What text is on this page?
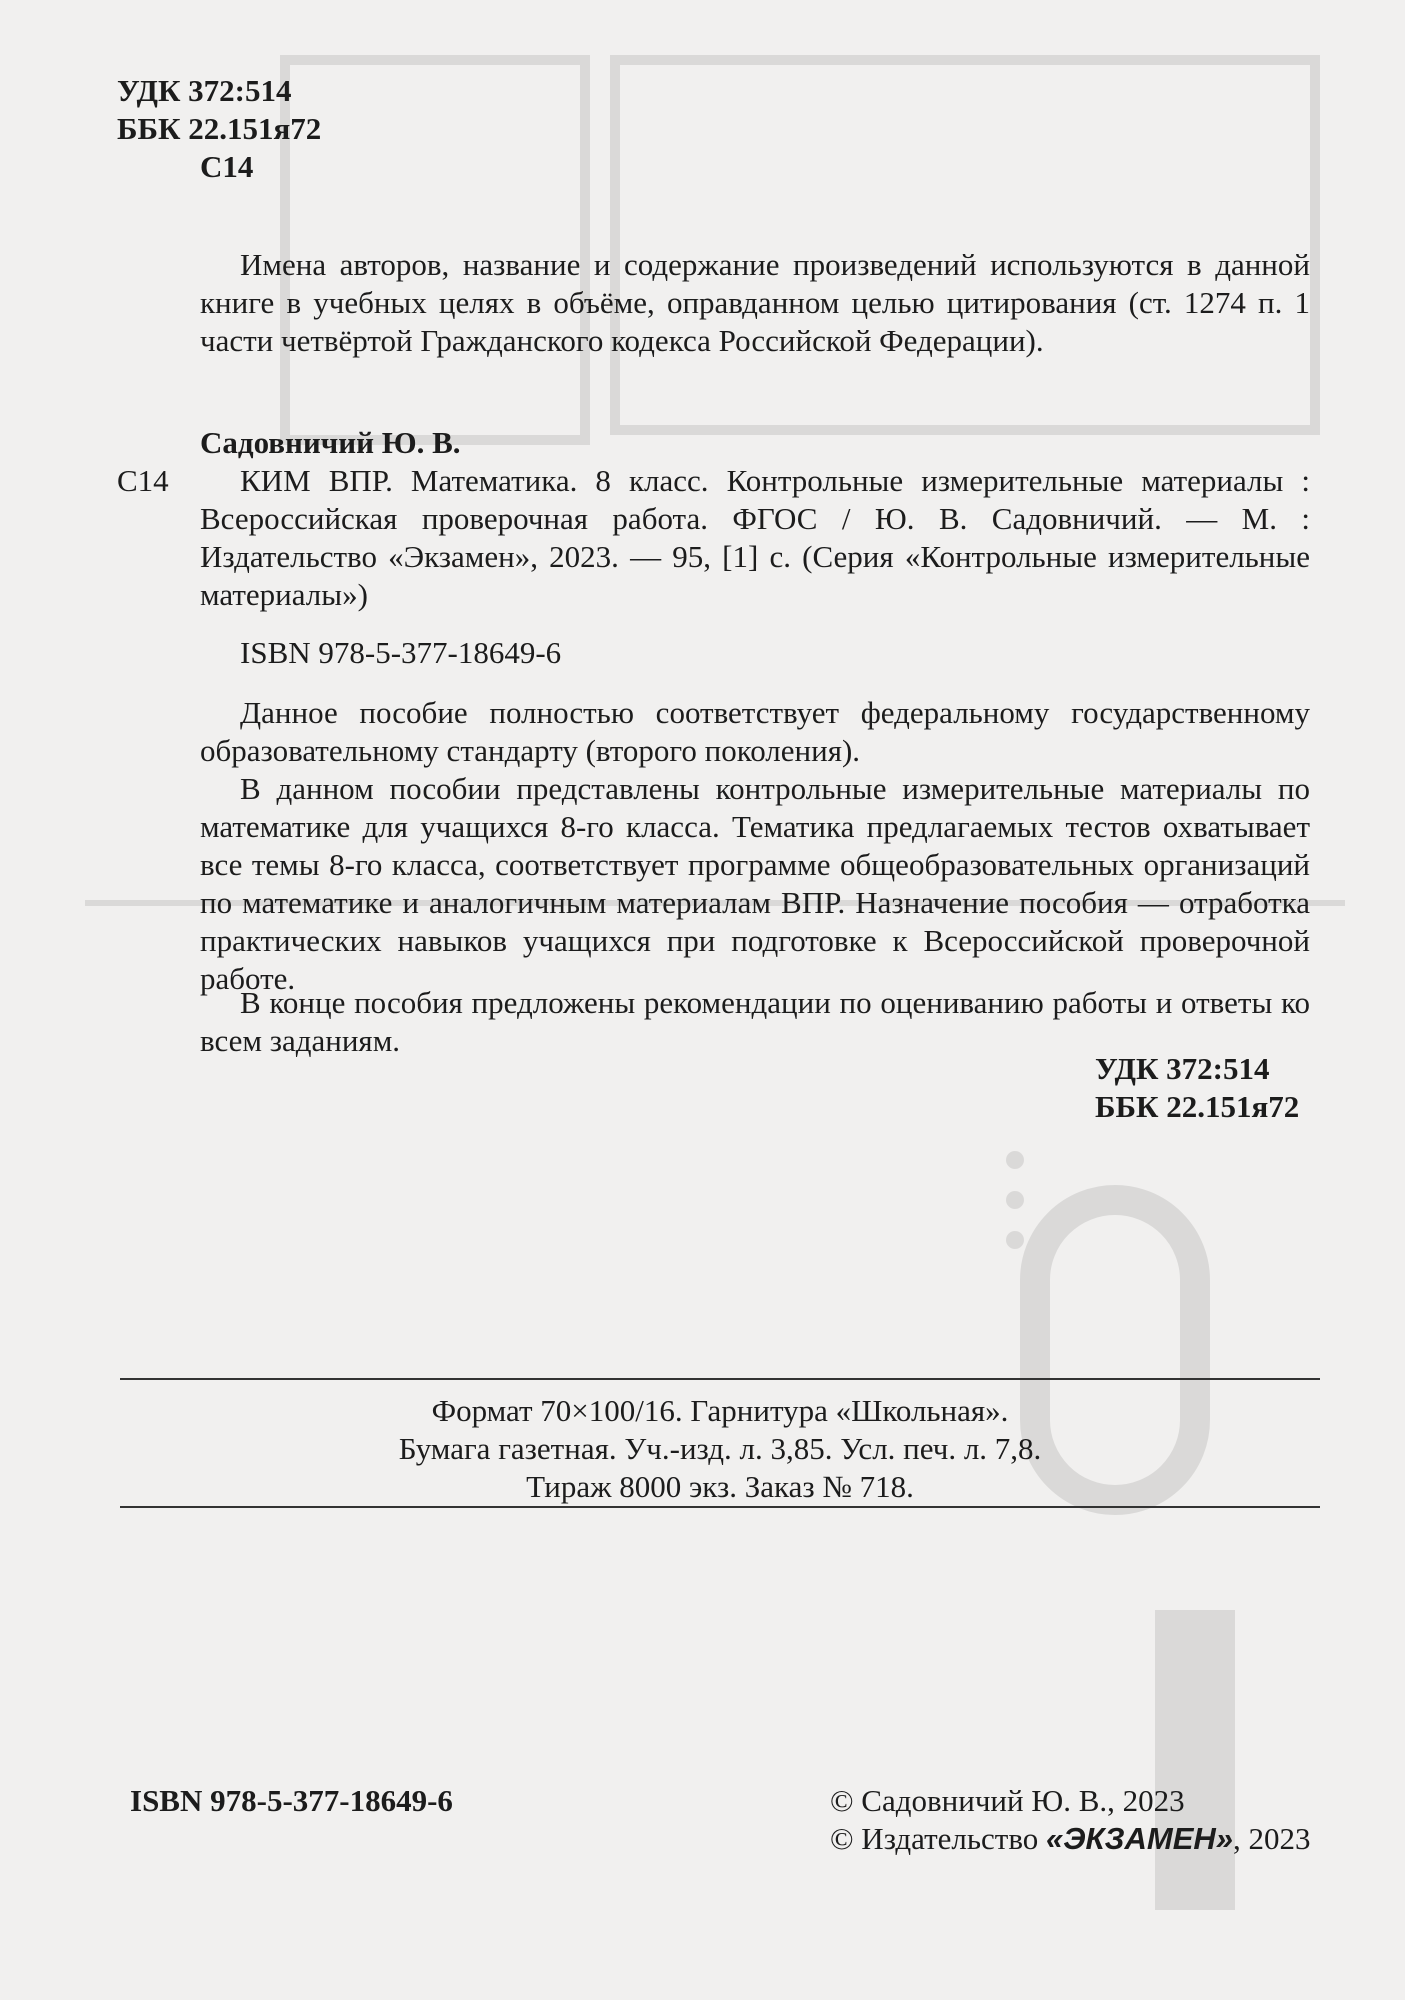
УДК 372:514
ББК 22.151я72
С14
Имена авторов, название и содержание произведений используются в данной книге в учебных целях в объёме, оправданном целью цитирования (ст. 1274 п. 1 части четвёртой Гражданского кодекса Российской Федерации).
Садовничий Ю. В.
С14	КИМ ВПР. Математика. 8 класс. Контрольные измерительные материалы : Всероссийская проверочная работа. ФГОС / Ю. В. Садовничий. — М. : Издательство «Экзамен», 2023. — 95, [1] с. (Серия «Контрольные измерительные материалы»)
ISBN 978-5-377-18649-6
Данное пособие полностью соответствует федеральному государственному образовательному стандарту (второго поколения).
В данном пособии представлены контрольные измерительные материалы по математике для учащихся 8-го класса. Тематика предлагаемых тестов охватывает все темы 8-го класса, соответствует программе общеобразовательных организаций по математике и аналогичным материалам ВПР. Назначение пособия — отработка практических навыков учащихся при подготовке к Всероссийской проверочной работе.
В конце пособия предложены рекомендации по оцениванию работы и ответы ко всем заданиям.
УДК 372:514
ББК 22.151я72
Формат 70×100/16. Гарнитура «Школьная».
Бумага газетная. Уч.-изд. л. 3,85. Усл. печ. л. 7,8.
Тираж 8000 экз. Заказ № 718.
ISBN 978-5-377-18649-6	© Садовничий Ю. В., 2023
© Издательство «ЭКЗАМЕН», 2023
